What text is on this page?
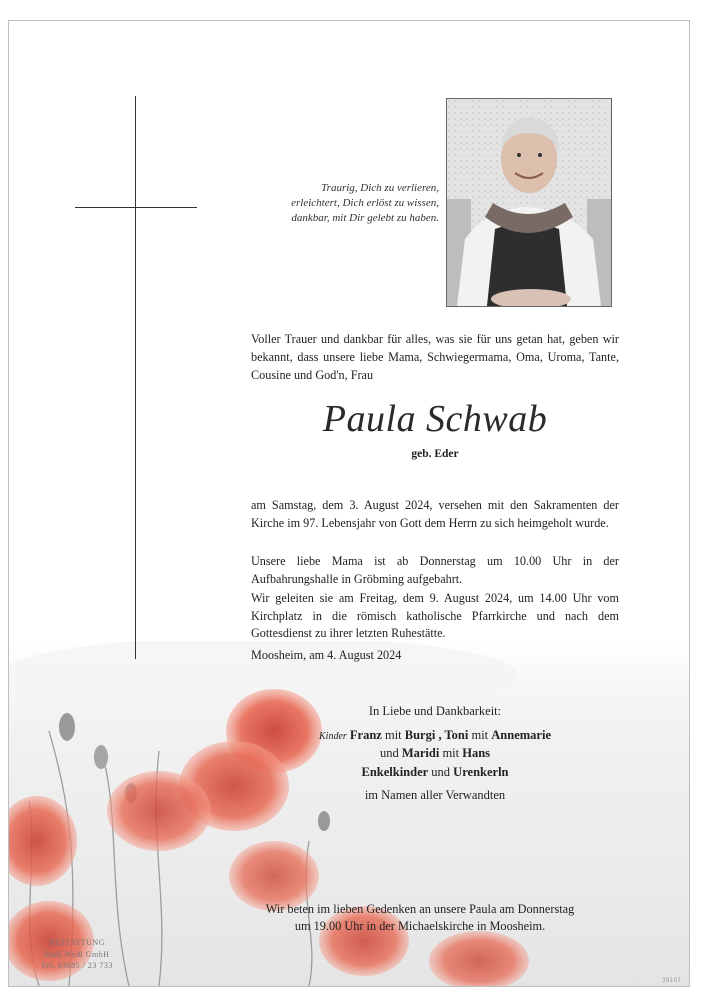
Traurig, Dich zu verlieren,
erleichtert, Dich erlöst zu wissen,
dankbar, mit Dir gelebt zu haben.
Voller Trauer und dankbar für alles, was sie für uns getan hat, geben wir bekannt, dass unsere liebe Mama, Schwiegermama, Oma, Uroma, Tante, Cousine und God'n, Frau
Paula Schwab
geb. Eder
am Samstag, dem 3. August 2024, versehen mit den Sakramenten der Kirche im 97. Lebensjahr von Gott dem Herrn zu sich heimgeholt wurde.
Unsere liebe Mama ist ab Donnerstag um 10.00 Uhr in der Aufbahrungshalle in Gröbming aufgebahrt.
Wir geleiten sie am Freitag, dem 9. August 2024, um 14.00 Uhr vom Kirchplatz in die römisch katholische Pfarrkirche und nach dem Gottesdienst zu ihrer letzten Ruhestätte.
Moosheim, am 4. August 2024
In Liebe und Dankbarkeit:
Kinder Franz mit Burgi , Toni mit Annemarie
und Maridi mit Hans
Enkelkinder und Urenkerln
im Namen aller Verwandten
Wir beten im lieben Gedenken an unsere Paula am Donnerstag
um 19.00 Uhr in der Michaelskirche in Moosheim.
BESTATTUNG
Rudi Weiß GmbH
Tel. 03685 / 23 733
39107
